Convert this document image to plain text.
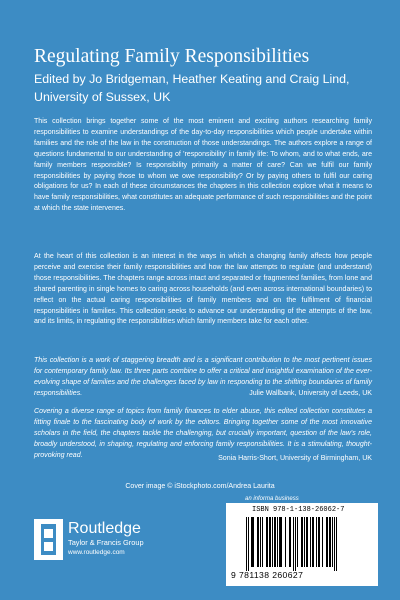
Regulating Family Responsibilities
Edited by Jo Bridgeman, Heather Keating and Craig Lind,
University of Sussex, UK

This collection brings together some of the most eminent and exciting authors researching family responsibilities to examine understandings of the day-to-day responsibilities which people undertake within families and the role of the law in the construction of those understandings. The authors explore a range of questions fundamental to our understanding of 'responsibility' in family life: To whom, and to what ends, are family members responsible? Is responsibility primarily a matter of care? Can we fulfil our family responsibilities by paying those to whom we owe responsibility? Or by paying others to fulfil our caring obligations for us? In each of these circumstances the chapters in this collection explore what it means to have family responsibilities, what constitutes an adequate performance of such responsibilities and the point at which the state intervenes.

At the heart of this collection is an interest in the ways in which a changing family affects how people perceive and exercise their family responsibilities and how the law attempts to regulate (and understand) those responsibilities. The chapters range across intact and separated or fragmented families, from lone and shared parenting in single homes to caring across households (and even across international boundaries) to reflect on the actual caring responsibilities of family members and on the fulfilment of financial responsibilities in families. This collection seeks to advance our understanding of the attempts of the law, and its limits, in regulating the responsibilities which family members take for each other.

This collection is a work of staggering breadth and is a significant contribution to the most pertinent issues for contemporary family law. Its three parts combine to offer a critical and insightful examination of the ever-evolving shape of families and the challenges faced by law in responding to the shifting boundaries of family responsibilities.	Julie Wallbank, University of Leeds, UK

Covering a diverse range of topics from family finances to elder abuse, this edited collection constitutes a fitting finale to the fascinating body of work by the editors. Bringing together some of the most innovative scholars in the field, the chapters tackle the challenging, but crucially important, question of the law's role, broadly understood, in shaping, regulating and enforcing family responsibilities. It is a stimulating, thought-provoking read.	Sonia Harris-Short, University of Birmingham, UK

Cover image © iStockphoto.com/Andrea Laurita

Routledge
Taylor & Francis Group
www.routledge.com

an informa business

ISBN 978-1-138-26062-7

9 781138 260627
